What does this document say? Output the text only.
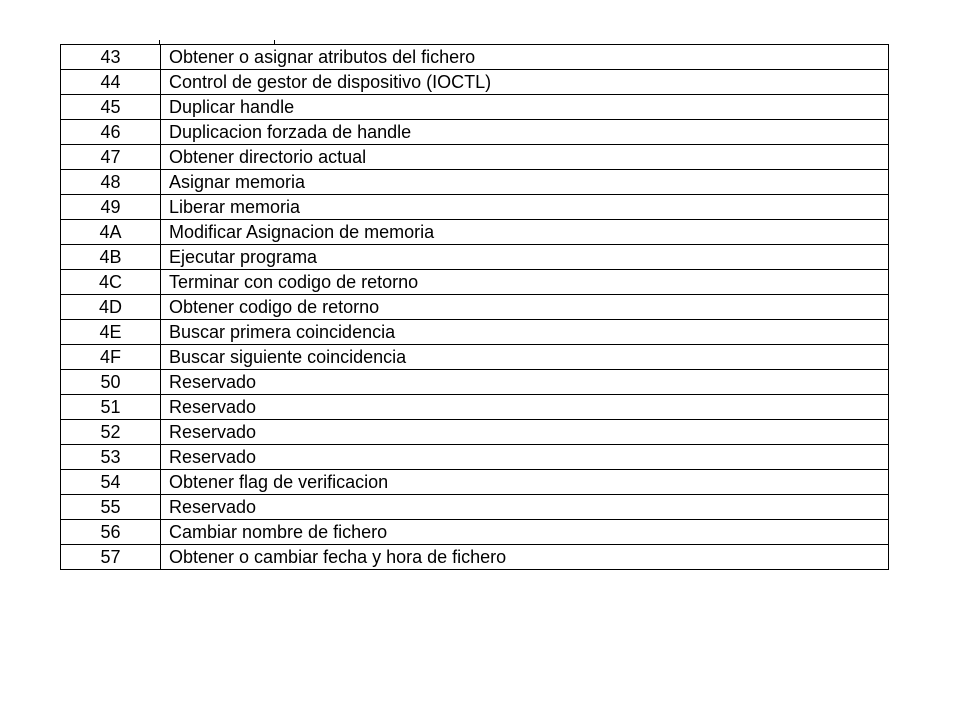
43	Obtener o asignar atributos del fichero
44	Control de gestor de dispositivo (IOCTL)
45	Duplicar handle
46	Duplicacion forzada de handle
47	Obtener directorio actual
48	Asignar memoria
49	Liberar memoria
4A	Modificar Asignacion de memoria
4B	Ejecutar programa
4C	Terminar con codigo de retorno
4D	Obtener codigo de retorno
4E	Buscar primera coincidencia
4F	Buscar siguiente coincidencia
50	Reservado
51	Reservado
52	Reservado
53	Reservado
54	Obtener flag de verificacion
55	Reservado
56	Cambiar nombre de fichero
57	Obtener o cambiar fecha y hora de fichero
